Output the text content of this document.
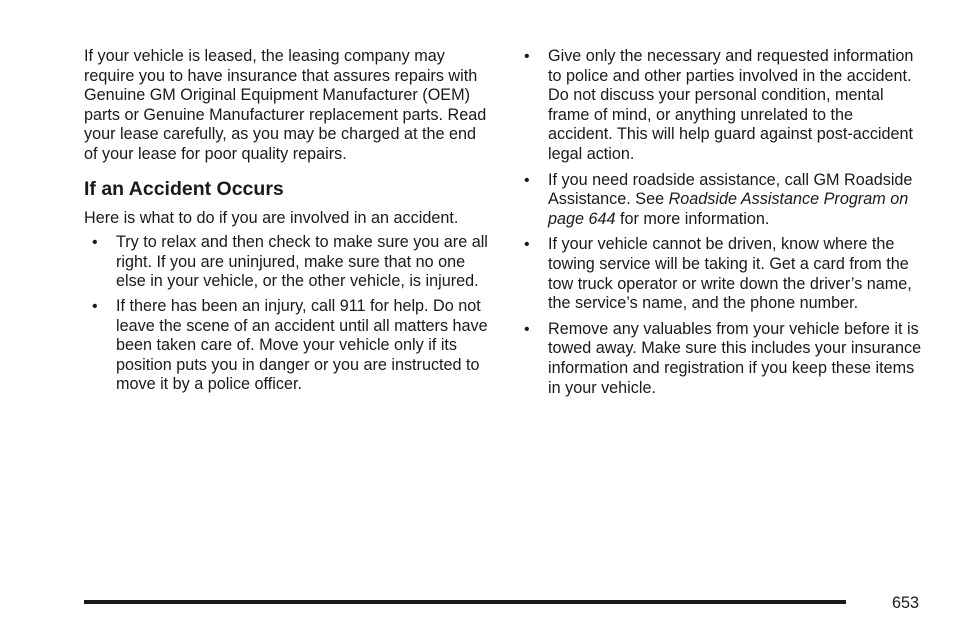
If your vehicle is leased, the leasing company may require you to have insurance that assures repairs with Genuine GM Original Equipment Manufacturer (OEM) parts or Genuine Manufacturer replacement parts. Read your lease carefully, as you may be charged at the end of your lease for poor quality repairs.

If an Accident Occurs

Here is what to do if you are involved in an accident.

• Try to relax and then check to make sure you are all right. If you are uninjured, make sure that no one else in your vehicle, or the other vehicle, is injured.
• If there has been an injury, call 911 for help. Do not leave the scene of an accident until all matters have been taken care of. Move your vehicle only if its position puts you in danger or you are instructed to move it by a police officer.
• Give only the necessary and requested information to police and other parties involved in the accident. Do not discuss your personal condition, mental frame of mind, or anything unrelated to the accident. This will help guard against post-accident legal action.
• If you need roadside assistance, call GM Roadside Assistance. See Roadside Assistance Program on page 644 for more information.
• If your vehicle cannot be driven, know where the towing service will be taking it. Get a card from the tow truck operator or write down the driver’s name, the service’s name, and the phone number.
• Remove any valuables from your vehicle before it is towed away. Make sure this includes your insurance information and registration if you keep these items in your vehicle.
653
